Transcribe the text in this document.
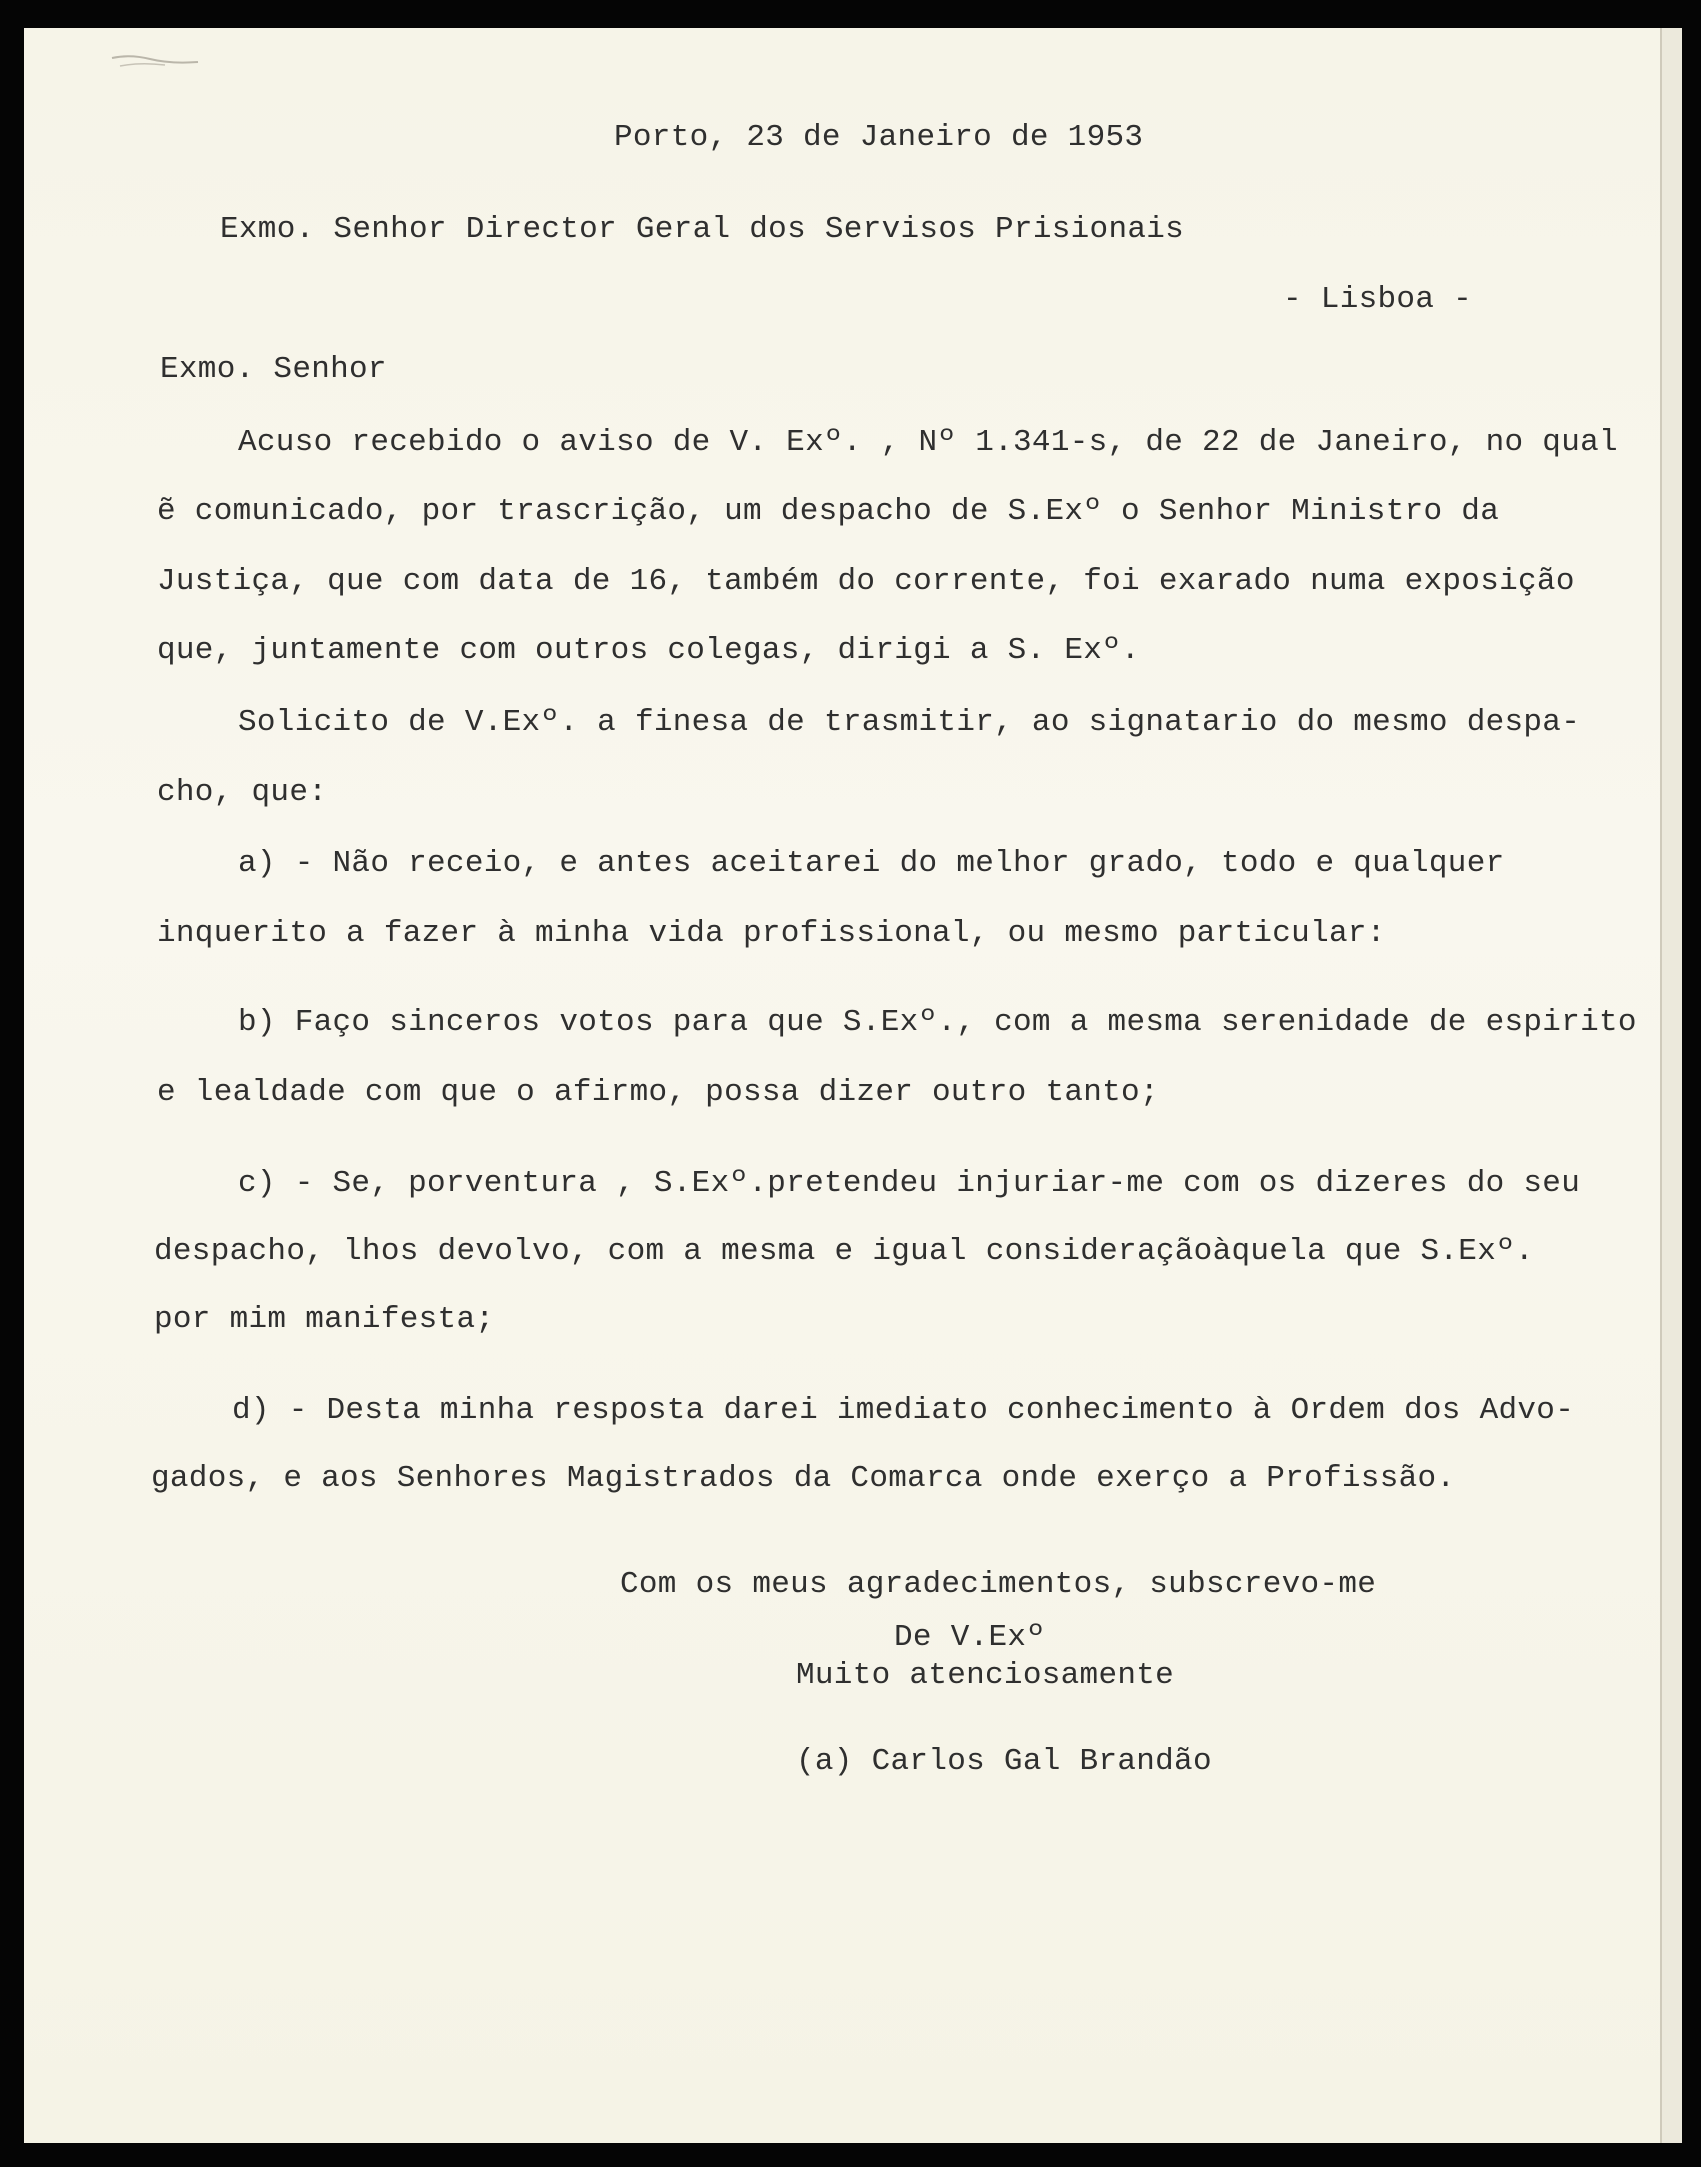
Porto, 23 de Janeiro de 1953
Exmo. Senhor Director Geral dos Servisos Prisionais
- Lisboa -
Exmo. Senhor
Acuso recebido o aviso de V. Exº. , Nº 1.341-s, de 22 de Janeiro, no qual
ẽ comunicado, por trascrição, um despacho de S.Exº o Senhor Ministro da
Justiça, que com data de 16, também do corrente, foi exarado numa exposição
que, juntamente com outros colegas, dirigi a S. Exº.
Solicito de V.Exº. a finesa de trasmitir, ao signatario do mesmo despa-
cho, que:
a) - Não receio, e antes aceitarei do melhor grado, todo e qualquer
inquerito a fazer à minha vida profissional, ou mesmo particular:
b) Faço sinceros votos para que S.Exº., com a mesma serenidade de espirito
e lealdade com que o afirmo, possa dizer outro tanto;
c) - Se, porventura , S.Exº.pretendeu injuriar-me com os dizeres do seu
despacho, lhos devolvo, com a mesma e igual consideraçãoàquela que S.Exº.
por mim manifesta;
d) - Desta minha resposta darei imediato conhecimento à Ordem dos Advo-
gados, e aos Senhores Magistrados da Comarca onde exerço a Profissão.
Com os meus agradecimentos, subscrevo-me
De V.Exº
Muito atenciosamente
(a) Carlos Gal Brandão
